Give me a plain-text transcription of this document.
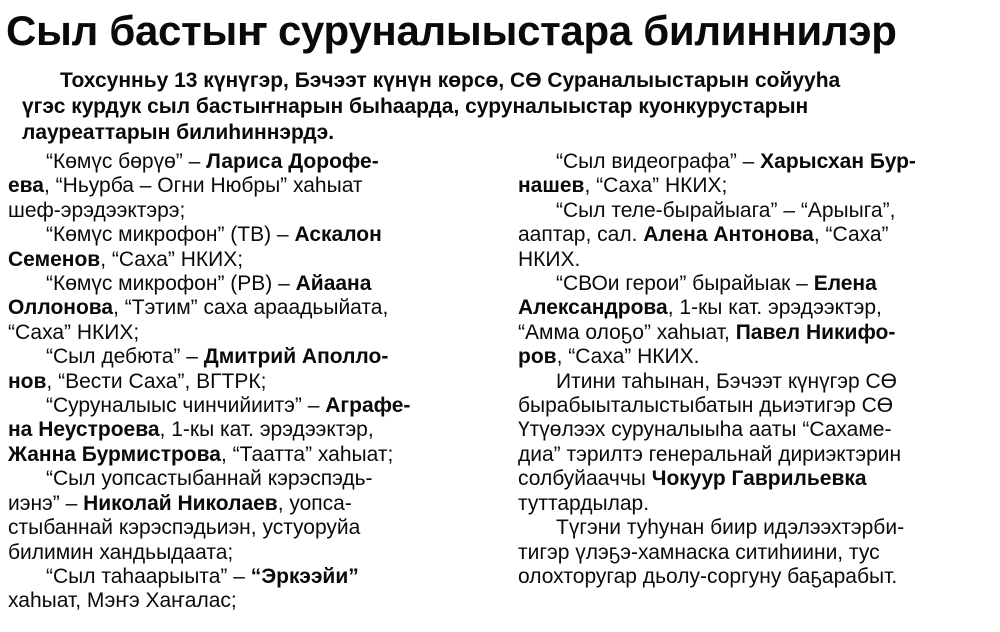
Сыл бастыҥ суруналыыстара билиннилэр

Тохсунньу 13 күнүгэр, Бэчээт күнүн көрсө, СӨ Сураналыыстарын сойууһа

үгэс курдук сыл бастыҥнарын быһаарда, суруналыыстар куонкурустарын

лауреаттарын билиһиннэрдэ.

“Көмүс бөрүө” – Лариса Дорофе-

ева, “Ньурба – Огни Нюбры” хаһыат

шеф-эрэдээктэрэ;

“Көмүс микрофон” (ТВ) – Аскалон

Семенов, “Саха” НКИХ;

“Көмүс микрофон” (РВ) – Айаана

Оллонова, “Тэтим” саха араадьыйата,

“Саха” НКИХ;

“Сыл дебюта” – Дмитрий Аполло-

нов, “Вести Саха”, ВГТРК;

“Суруналыыс чинчийиитэ” – Аграфе-

на Неустроева, 1-кы кат. эрэдээктэр,

Жанна Бурмистрова, “Таатта” хаһыат;

“Сыл уопсастыбаннай кэрэспэдь-

иэнэ” – Николай Николаев, уопса-

стыбаннай кэрэспэдьиэн, устуоруйа

билимин хандьыдаата;

“Сыл таһаарыыта” – “Эркээйи”

хаһыат, Мэҥэ Хаҥалас;

“Сыл видеографа” – Харысхан Бур-

нашев, “Саха” НКИХ;

“Сыл теле-бырайыага” – “Арыыга”,

ааптар, сал. Алена Антонова, “Саха”

НКИХ.

“СВОи герои” бырайыак – Елена

Александрова, 1-кы кат. эрэдээктэр,

“Амма олоҕо” хаһыат, Павел Никифо-

ров, “Саха” НКИХ.

Итини таһынан, Бэчээт күнүгэр СӨ

бырабыыталыстыбатын дьиэтигэр СӨ

Үтүөлээх суруналыыһа ааты “Сахаме-

диа” тэрилтэ генеральнай дириэктэрин

солбуйааччы Чокуур Гаврильевка

туттардылар.

Түгэни туһунан биир идэлээхтэрби-

тигэр үлэҕэ-хамнаска ситиһиини, тус

олохторугар дьолу-соргуну баҕарабыт.
